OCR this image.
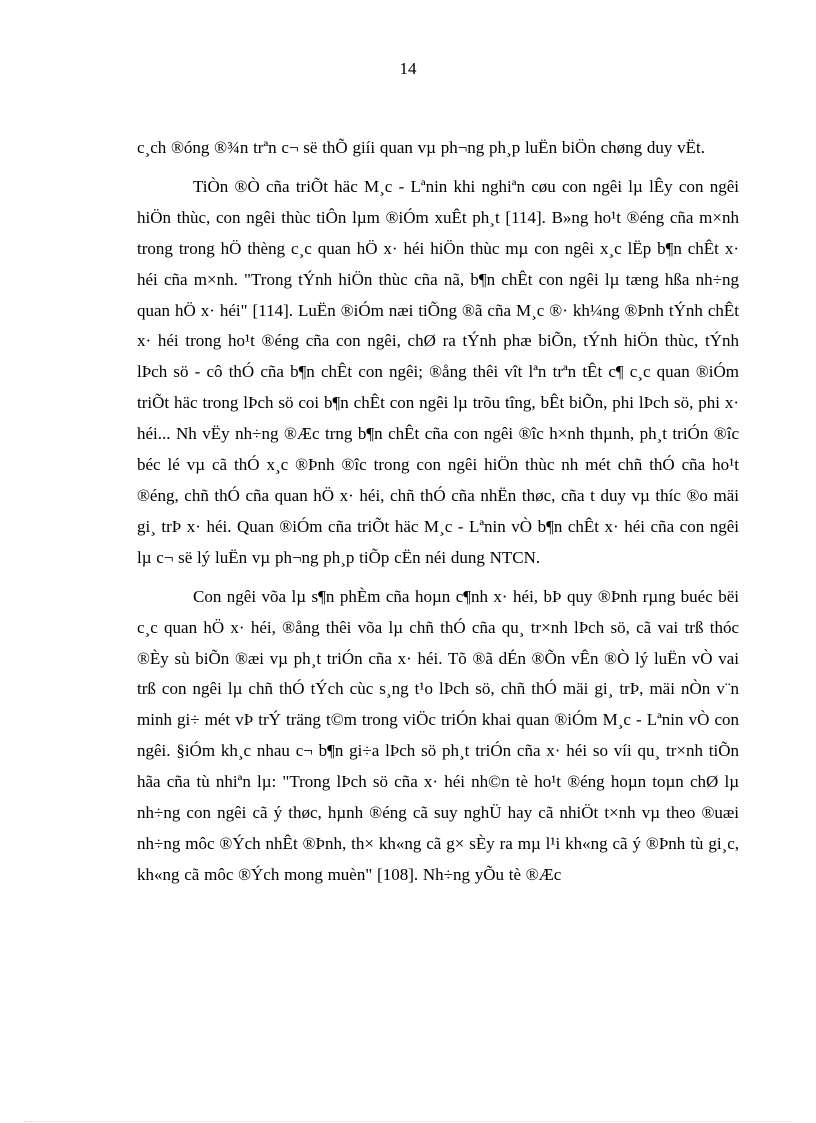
14

c¸ch ®óng ®¾n trªn c¬ së thÕ giíi quan vµ ph¬ng ph¸p luËn biÖn chøng duy vËt.

TiÒn ®Ò cña triÕt häc M¸c - Lªnin khi nghiªn cøu con ngêi lµ lÊy con ngêi hiÖn thùc, con ngêi thùc tiÔn lµm ®iÓm xuÊt ph¸t [114]. B»ng ho¹t ®éng cña m×nh trong trong hÖ thèng c¸c quan hÖ x· héi hiÖn thùc mµ con ngêi x¸c lËp b¶n chÊt x· héi cña m×nh. "Trong tÝnh hiÖn thùc cña nã, b¶n chÊt con ngêi lµ tæng hßa nh÷ng quan hÖ x· héi" [114]. LuËn ®iÓm næi tiÕng ®ã cña M¸c ®· kh¼ng ®Þnh tÝnh chÊt x· héi trong ho¹t ®éng cña con ngêi, chØ ra tÝnh phæ biÕn, tÝnh hiÖn thùc, tÝnh lÞch sö - cô thÓ cña b¶n chÊt con ngêi; ®ång thêi vît lªn trªn tÊt c¶ c¸c quan ®iÓm triÕt häc trong lÞch sö coi b¶n chÊt con ngêi lµ trõu tîng, bÊt biÕn, phi lÞch sö, phi x· héi... Nh vËy nh÷ng ®Æc trng b¶n chÊt cña con ngêi ®îc h×nh thµnh, ph¸t triÓn ®îc béc lé vµ cã thÓ x¸c ®Þnh ®îc trong con ngêi hiÖn thùc nh mét chñ thÓ cña ho¹t ®éng, chñ thÓ cña quan hÖ x· héi, chñ thÓ cña nhËn thøc, cña t duy vµ thíc ®o mäi gi¸ trÞ x· héi. Quan ®iÓm cña triÕt häc M¸c - Lªnin vÒ b¶n chÊt x· héi cña con ngêi lµ c¬ së lý luËn vµ ph¬ng ph¸p tiÕp cËn néi dung NTCN.

Con ngêi võa lµ s¶n phÈm cña hoµn c¶nh x· héi, bÞ quy ®Þnh rµng buéc bëi c¸c quan hÖ x· héi, ®ång thêi võa lµ chñ thÓ cña qu¸ tr×nh lÞch sö, cã vai trß thóc ®Èy sù biÕn ®æi vµ ph¸t triÓn cña x· héi. Tõ ®ã dÉn ®Õn vÊn ®Ò lý luËn vÒ vai trß con ngêi lµ chñ thÓ tÝch cùc s¸ng t¹o lÞch sö, chñ thÓ mäi gi¸ trÞ, mäi nÒn v¨n minh gi÷ mét vÞ trÝ träng t©m trong viÖc triÓn khai quan ®iÓm M¸c - Lªnin vÒ con ngêi. §iÓm kh¸c nhau c¬ b¶n gi÷a lÞch sö ph¸t triÓn cña x· héi so víi qu¸ tr×nh tiÕn hãa cña tù nhiªn lµ: "Trong lÞch sö cña x· héi nh©n tè ho¹t ®éng hoµn toµn chØ lµ nh÷ng con ngêi cã ý thøc, hµnh ®éng cã suy nghÜ hay cã nhiÖt t×nh vµ theo ®uæi nh÷ng môc ®Ých nhÊt ®Þnh, th× kh«ng cã g× sÈy ra mµ l¹i kh«ng cã ý ®Þnh tù gi¸c, kh«ng cã môc ®Ých mong muèn" [108]. Nh÷ng yÕu tè ®Æc
